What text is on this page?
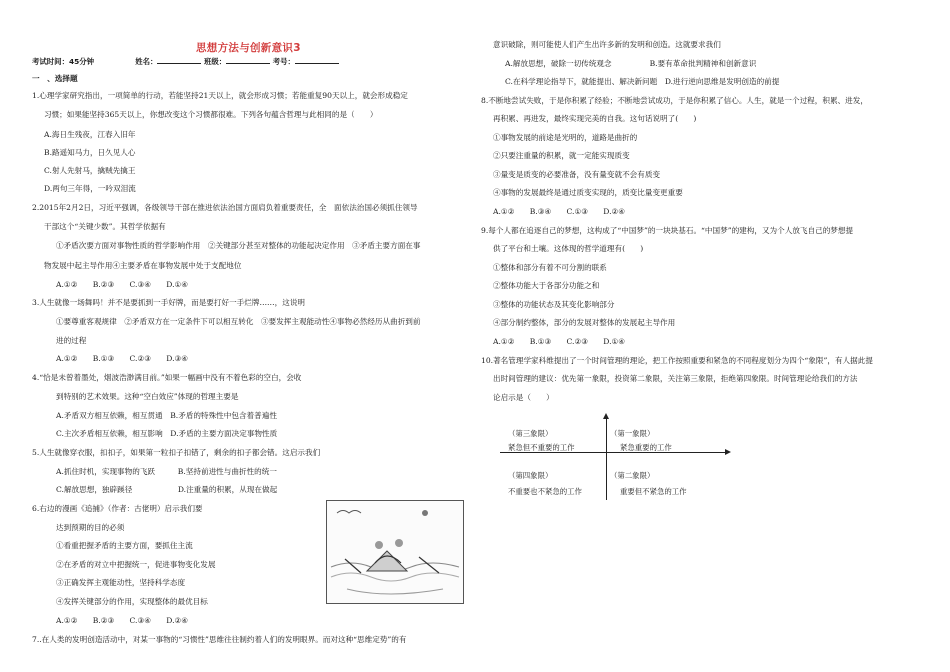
思想方法与创新意识3
考试时间：45分钟	姓名：	班级：	考号：
一　、选择题
1.心理学家研究指出，一项简单的行动，若能坚持21天以上，就会形成习惯；若能重复90天以上，就会形成稳定
习惯；如果能坚持365天以上，你想改变这个习惯都很难。下列各句蕴含哲理与此相同的是（　　）
A.海日生残夜，江春入旧年
B.路遥知马力，日久见人心
C.射人先射马，擒贼先擒王
D.两句三年得，一吟双泪流
2.2015年2月2日，习近平强调，各级领导干部在推进依法治国方面肩负着重要责任，全　面依法治国必须抓住领导
干部这个“关键少数”。其哲学依据有
①矛盾次要方面对事物性质的哲学影响作用　②关键部分甚至对整体的功能起决定作用　③矛盾主要方面在事
物发展中起主导作用④主要矛盾在事物发展中处于支配地位
A.①②　　B.②③　　C.③④　　D.①④
3.人生就像一场舞吗！并不是要抓到一手好牌，而是要打好一手烂牌……，这说明
①要尊重客观规律　②矛盾双方在一定条件下可以相互转化　③要发挥主观能动性④事物必然经历从曲折到前
进的过程
A.①②　　B.①③　　C.②③　　D.③④
4.“恰是未曾着墨处，烟波浩渺满目前。”如果一幅画中没有不着色彩的空白，会收
到特别的艺术效果。这种“空白效应”体现的哲理主要是
A.矛盾双方相互依赖，相互贯通　B.矛盾的特殊性中包含着普遍性
C.主次矛盾相互依赖，相互影响　D.矛盾的主要方面决定事物性质
5.人生就像穿衣服，扣扣子，如果第一粒扣子扣错了，剩余的扣子都会错。这启示我们
A.抓住时机，实现事物的飞跃　　　B.坚持前进性与曲折性的统一
C.解放思想，独辟蹊径　　　　　　D.注重量的积累，从现在做起
6.右边的漫画《追捕》（作者：古佬明）启示我们要
达到预期的目的必须
①看重把握矛盾的主要方面，要抓住主流
②在矛盾的对立中把握统一，促进事物变化发展
③正确发挥主观能动性，坚持科学态度
④发挥关键部分的作用，实现整体的最优目标
A.①②　　B.②③　　C.③④　　D.②④
7..在人类的发明创造活动中，对某一事物的“习惯性”思维往往制约着人们的发明眼界。而对这种“思维定势”的有
意识破除，则可能使人们产生出许多新的发明和创造。这就要求我们
A.解放思想，破除一切传统观念　　　　　B.要有革命批判精神和创新意识
C.在科学理论指导下，就能提出、解决新问题　D.进行逆向思维是发明创造的前提
8.不断地尝试失败，于是你积累了经验；不断地尝试成功，于是你积累了信心。人生，就是一个过程，积累、进发，
再积累、再进发，最终实现完美的自我。这句话说明了(　　)
①事物发展的前途是光明的，道路是曲折的
②只要注重量的积累，就一定能实现质变
③量变是质变的必要准备，没有量变就不会有质变
④事物的发展最终是通过质变实现的，质变比量变更重要
A.①②　　B.③④　　C.①③　　D.②④
9.每个人都在追逐自己的梦想，这构成了“中国梦”的一块块基石。“中国梦”的建构，又为个人放飞自己的梦想提
供了平台和土壤。这体现的哲学道理有(　　)
①整体和部分有着不可分割的联系
②整体功能大于各部分功能之和
③整体的功能状态及其变化影响部分
④部分制约整体，部分的发展对整体的发展起主导作用
A.①②　　B.①③　　C.②③　　D.①④
10.著名管理学家科维提出了一个时间管理的理论，把工作按照重要和紧急的不同程度划分为四个“象限”，有人据此提
出时间管理的建议：优先第一象限，投资第二象限，关注第三象限，拒绝第四象限。时间管理论给我们的方法
论启示是（　　）
（第三象限）
紧急但不重要的工作
（第一象限）
紧急重要的工作
（第四象限）
不重要也不紧急的工作
（第二象限）
重要但不紧急的工作
